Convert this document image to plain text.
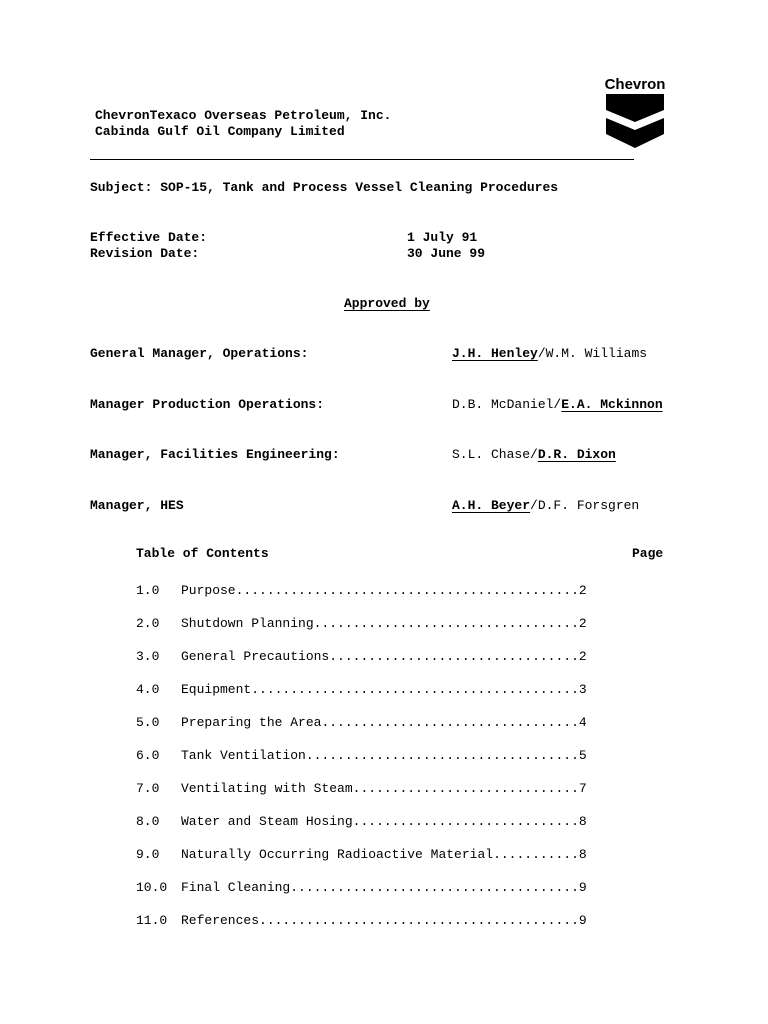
Chevron
ChevronTexaco Overseas Petroleum, Inc.
Cabinda Gulf Oil Company Limited
Subject: SOP-15, Tank and Process Vessel Cleaning Procedures
Effective Date:	1 July 91
Revision Date:	30 June 99
Approved by
General Manager, Operations:	J.H. Henley/W.M. Williams
Manager Production Operations:	D.B. McDaniel/E.A. Mckinnon
Manager, Facilities Engineering:	S.L. Chase/D.R. Dixon
Manager, HES	A.H. Beyer/D.F. Forsgren
Table of Contents	Page
1.0 Purpose............................................2
2.0 Shutdown Planning..................................2
3.0 General Precautions................................2
4.0 Equipment..........................................3
5.0 Preparing the Area.................................4
6.0 Tank Ventilation...................................5
7.0 Ventilating with Steam.............................7
8.0 Water and Steam Hosing.............................8
9.0 Naturally Occurring Radioactive Material...........8
10.0 Final Cleaning.....................................9
11.0 References.........................................9
